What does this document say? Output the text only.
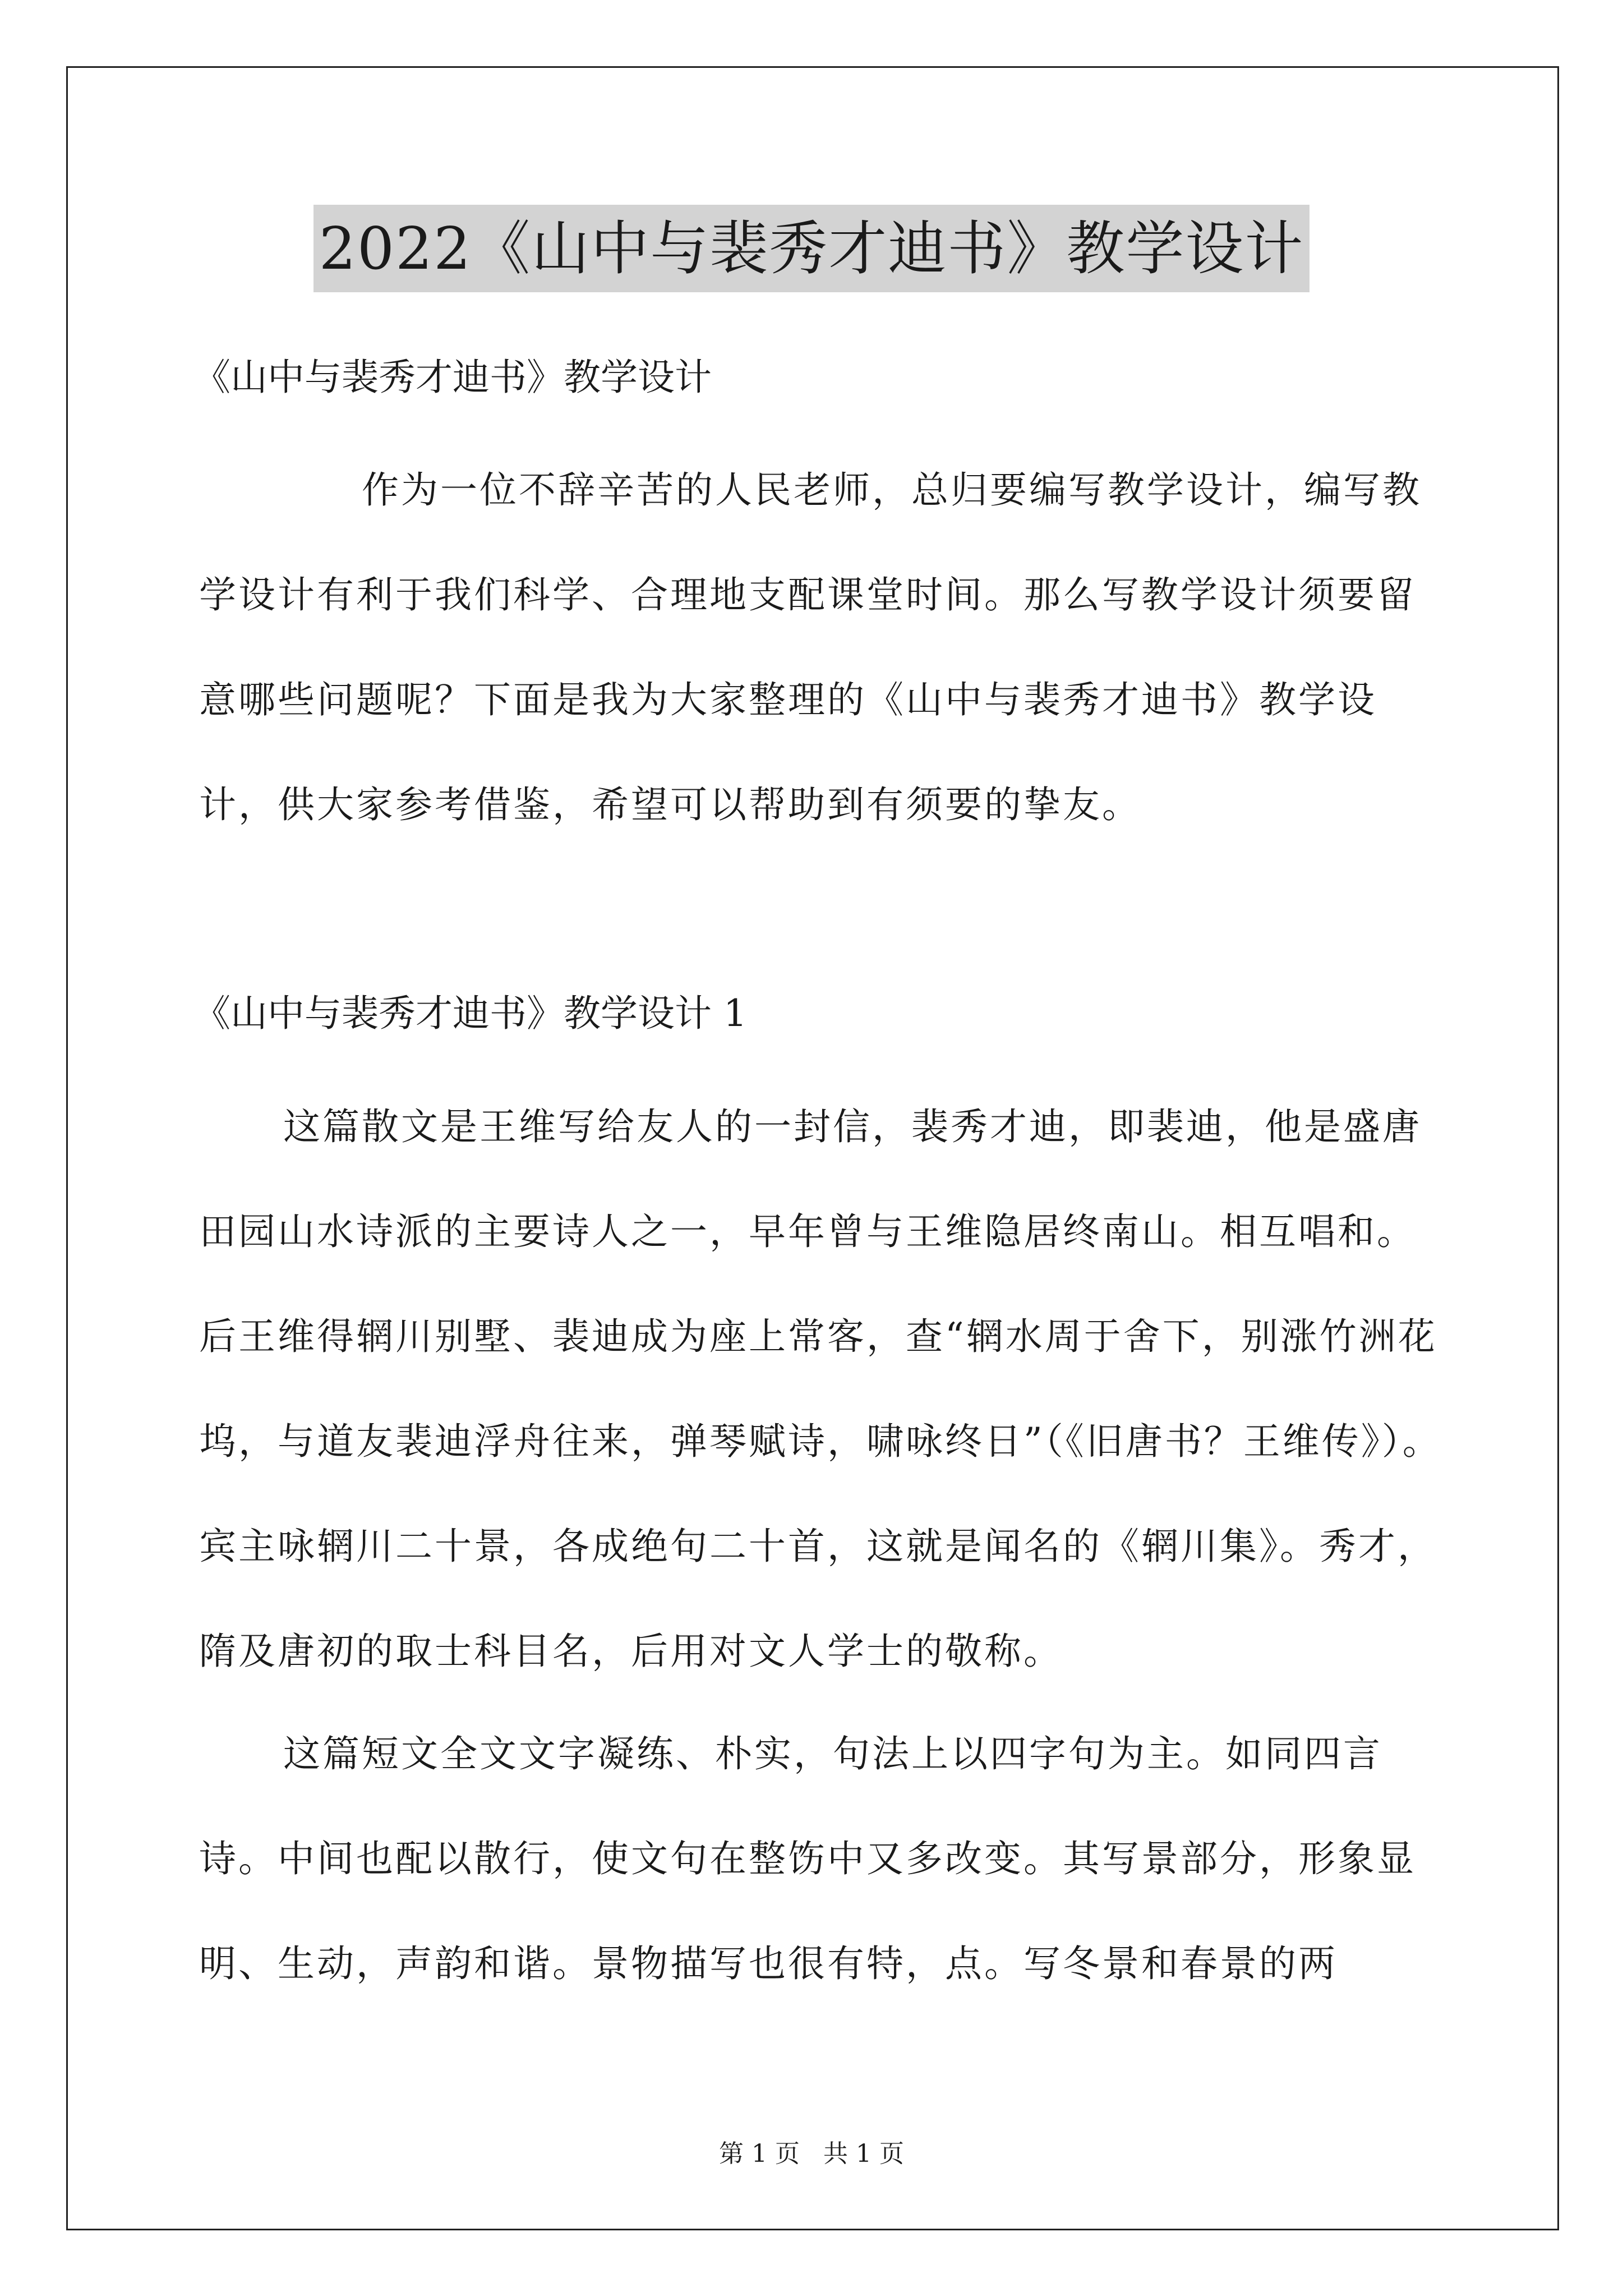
2022《山中与裴秀才迪书》教学设计
《山中与裴秀才迪书》教学设计

作为一位不辞辛苦的人民老师，总归要编写教学设计，编写教学设计有利于我们科学、合理地支配课堂时间。那么写教学设计须要留意哪些问题呢？下面是我为大家整理的《山中与裴秀才迪书》教学设计，供大家参考借鉴，希望可以帮助到有须要的挚友。

《山中与裴秀才迪书》教学设计 1

这篇散文是王维写给友人的一封信，裴秀才迪，即裴迪，他是盛唐田园山水诗派的主要诗人之一，早年曾与王维隐居终南山。相互唱和。后王维得辋川别墅、裴迪成为座上常客，查“辋水周于舍下，别涨竹洲花坞，与道友裴迪浮舟往来，弹琴赋诗，啸咏终日”（《旧唐书？王维传》）。宾主咏辋川二十景，各成绝句二十首，这就是闻名的《辋川集》。秀才，隋及唐初的取士科目名，后用对文人学士的敬称。

这篇短文全文文字凝练、朴实，句法上以四字句为主。如同四言诗。中间也配以散行，使文句在整饬中又多改变。其写景部分，形象显明、生动，声韵和谐。景物描写也很有特，点。写冬景和春景的两

第 1 页 共 1 页
